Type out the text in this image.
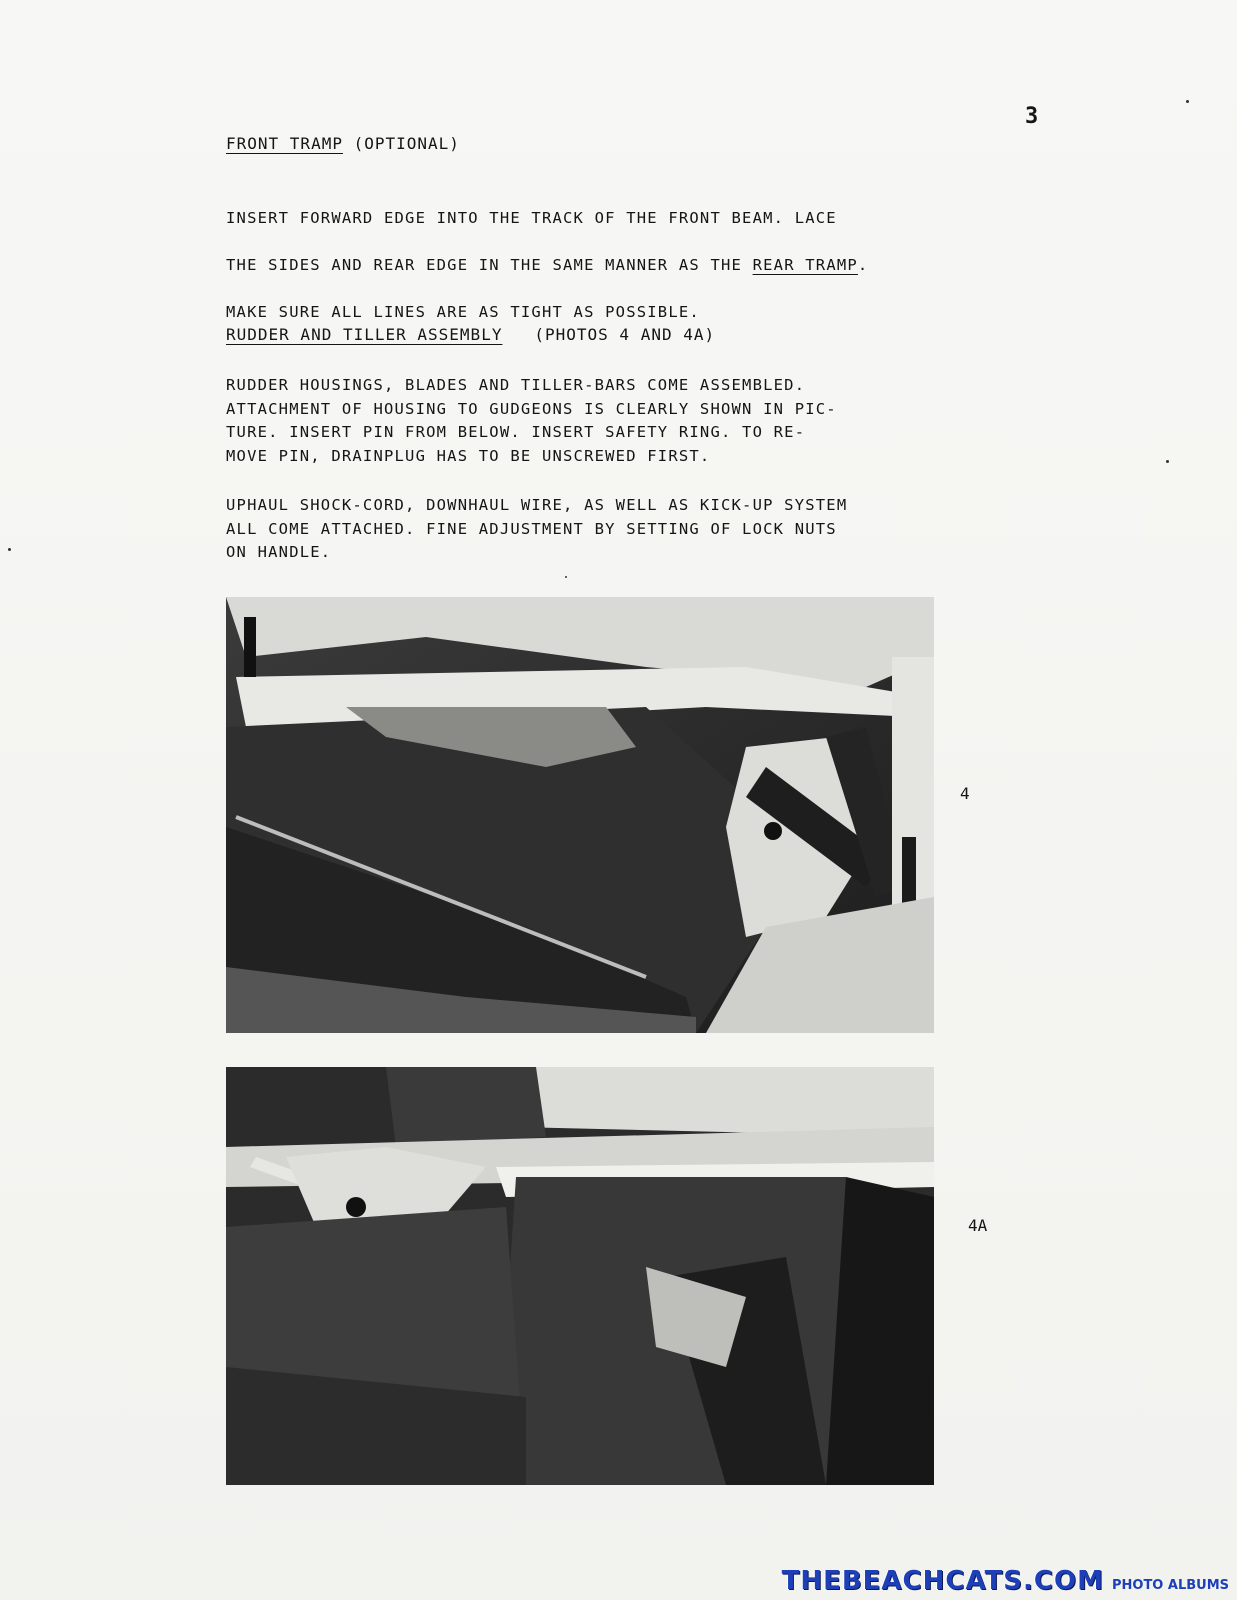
3
FRONT TRAMP (OPTIONAL)

INSERT FORWARD EDGE INTO THE TRACK OF THE FRONT BEAM. LACE

THE SIDES AND REAR EDGE IN THE SAME MANNER AS THE REAR TRAMP.

MAKE SURE ALL LINES ARE AS TIGHT AS POSSIBLE.

RUDDER AND TILLER ASSEMBLY (PHOTOS 4 AND 4A)
RUDDER HOUSINGS, BLADES AND TILLER-BARS COME ASSEMBLED.
ATTACHMENT OF HOUSING TO GUDGEONS IS CLEARLY SHOWN IN PIC-
TURE. INSERT PIN FROM BELOW. INSERT SAFETY RING. TO RE-
MOVE PIN, DRAINPLUG HAS TO BE UNSCREWED FIRST.
UPHAUL SHOCK-CORD, DOWNHAUL WIRE, AS WELL AS KICK-UP SYSTEM
ALL COME ATTACHED. FINE ADJUSTMENT BY SETTING OF LOCK NUTS
ON HANDLE.
4
4A
THEBEACHCATS.COM PHOTO ALBUMS
